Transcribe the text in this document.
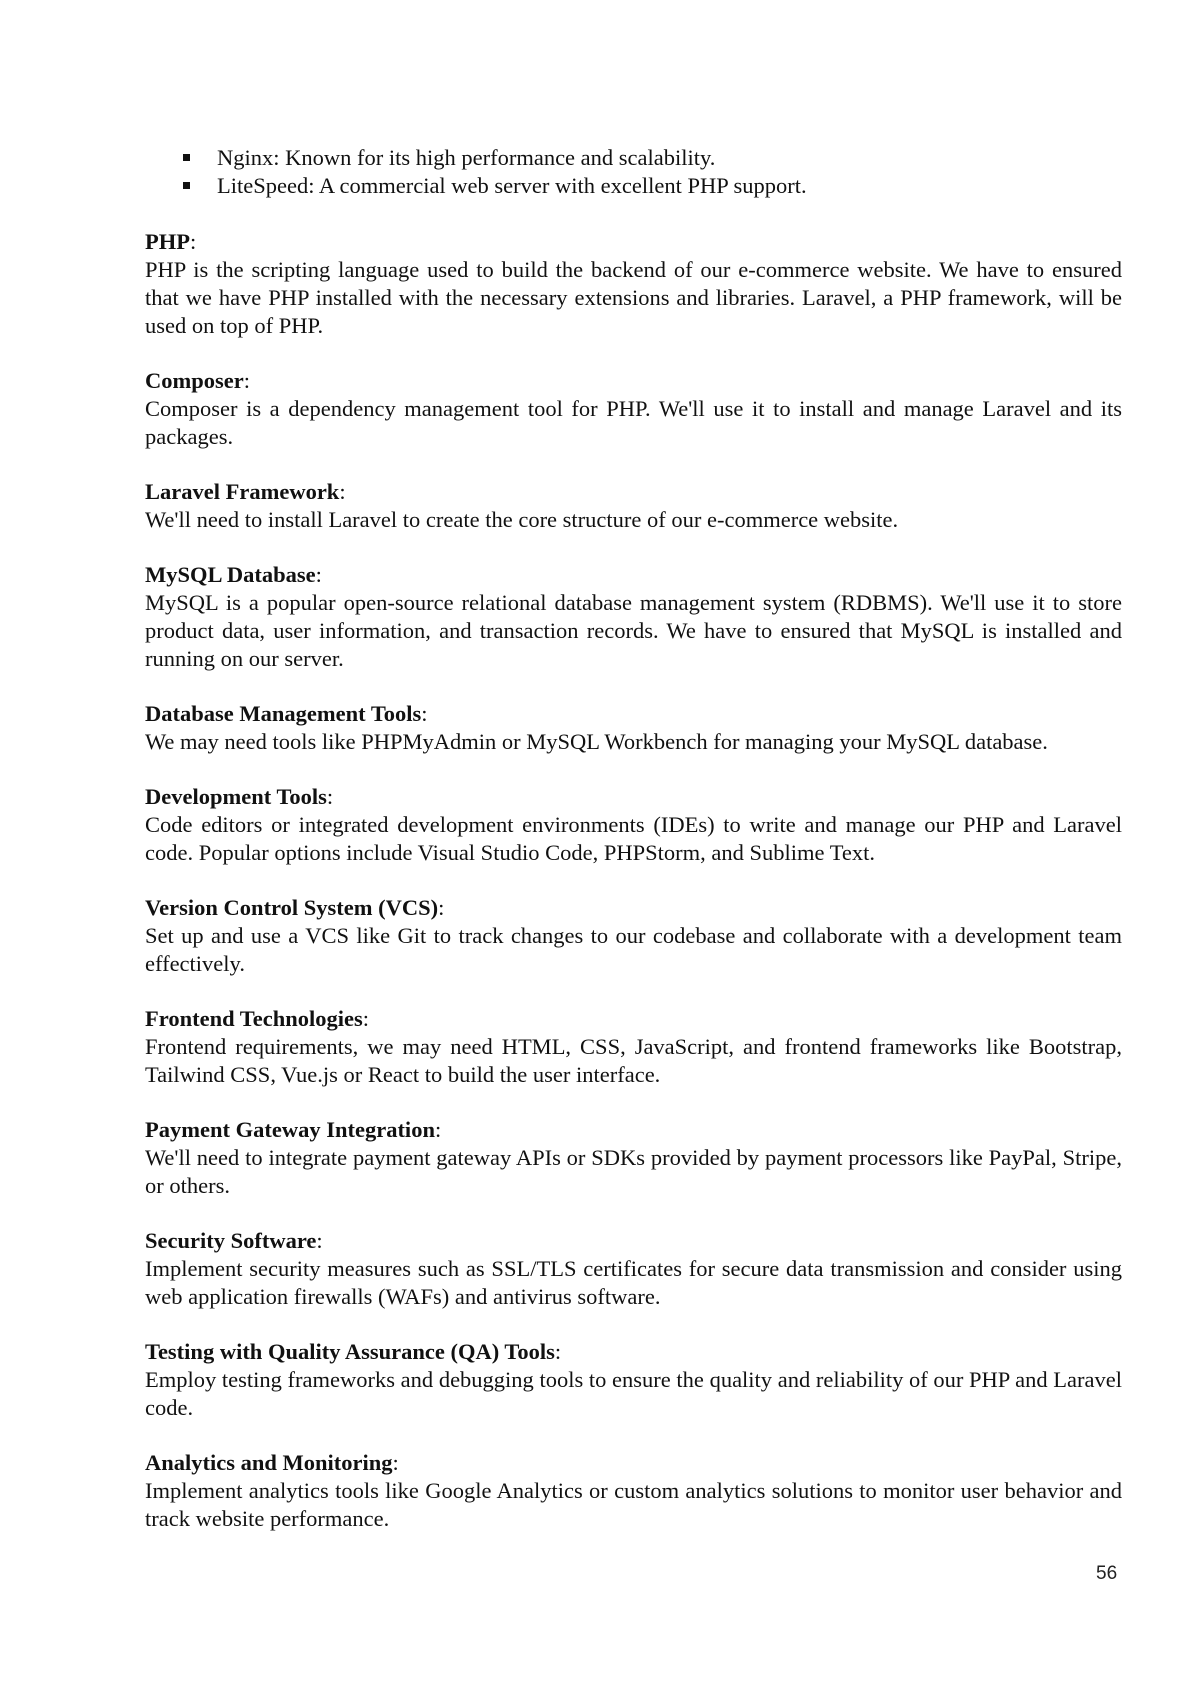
Nginx: Known for its high performance and scalability.
LiteSpeed: A commercial web server with excellent PHP support.

PHP:

PHP is the scripting language used to build the backend of our e-commerce website. We have to ensured that we have PHP installed with the necessary extensions and libraries. Laravel, a PHP framework, will be used on top of PHP.

Composer:

Composer is a dependency management tool for PHP. We'll use it to install and manage Laravel and its packages.

Laravel Framework:

We'll need to install Laravel to create the core structure of our e-commerce website.

MySQL Database:

MySQL is a popular open-source relational database management system (RDBMS). We'll use it to store product data, user information, and transaction records. We have to ensured that MySQL is installed and running on our server.

Database Management Tools:

We may need tools like PHPMyAdmin or MySQL Workbench for managing your MySQL database.

Development Tools:

Code editors or integrated development environments (IDEs) to write and manage our PHP and Laravel code. Popular options include Visual Studio Code, PHPStorm, and Sublime Text.

Version Control System (VCS):

Set up and use a VCS like Git to track changes to our codebase and collaborate with a development team effectively.

Frontend Technologies:

Frontend requirements, we may need HTML, CSS, JavaScript, and frontend frameworks like Bootstrap, Tailwind CSS, Vue.js or React to build the user interface.

Payment Gateway Integration:

We'll need to integrate payment gateway APIs or SDKs provided by payment processors like PayPal, Stripe, or others.

Security Software:

Implement security measures such as SSL/TLS certificates for secure data transmission and consider using web application firewalls (WAFs) and antivirus software.

Testing with Quality Assurance (QA) Tools:

Employ testing frameworks and debugging tools to ensure the quality and reliability of our PHP and Laravel code.

Analytics and Monitoring:

Implement analytics tools like Google Analytics or custom analytics solutions to monitor user behavior and track website performance.

56
